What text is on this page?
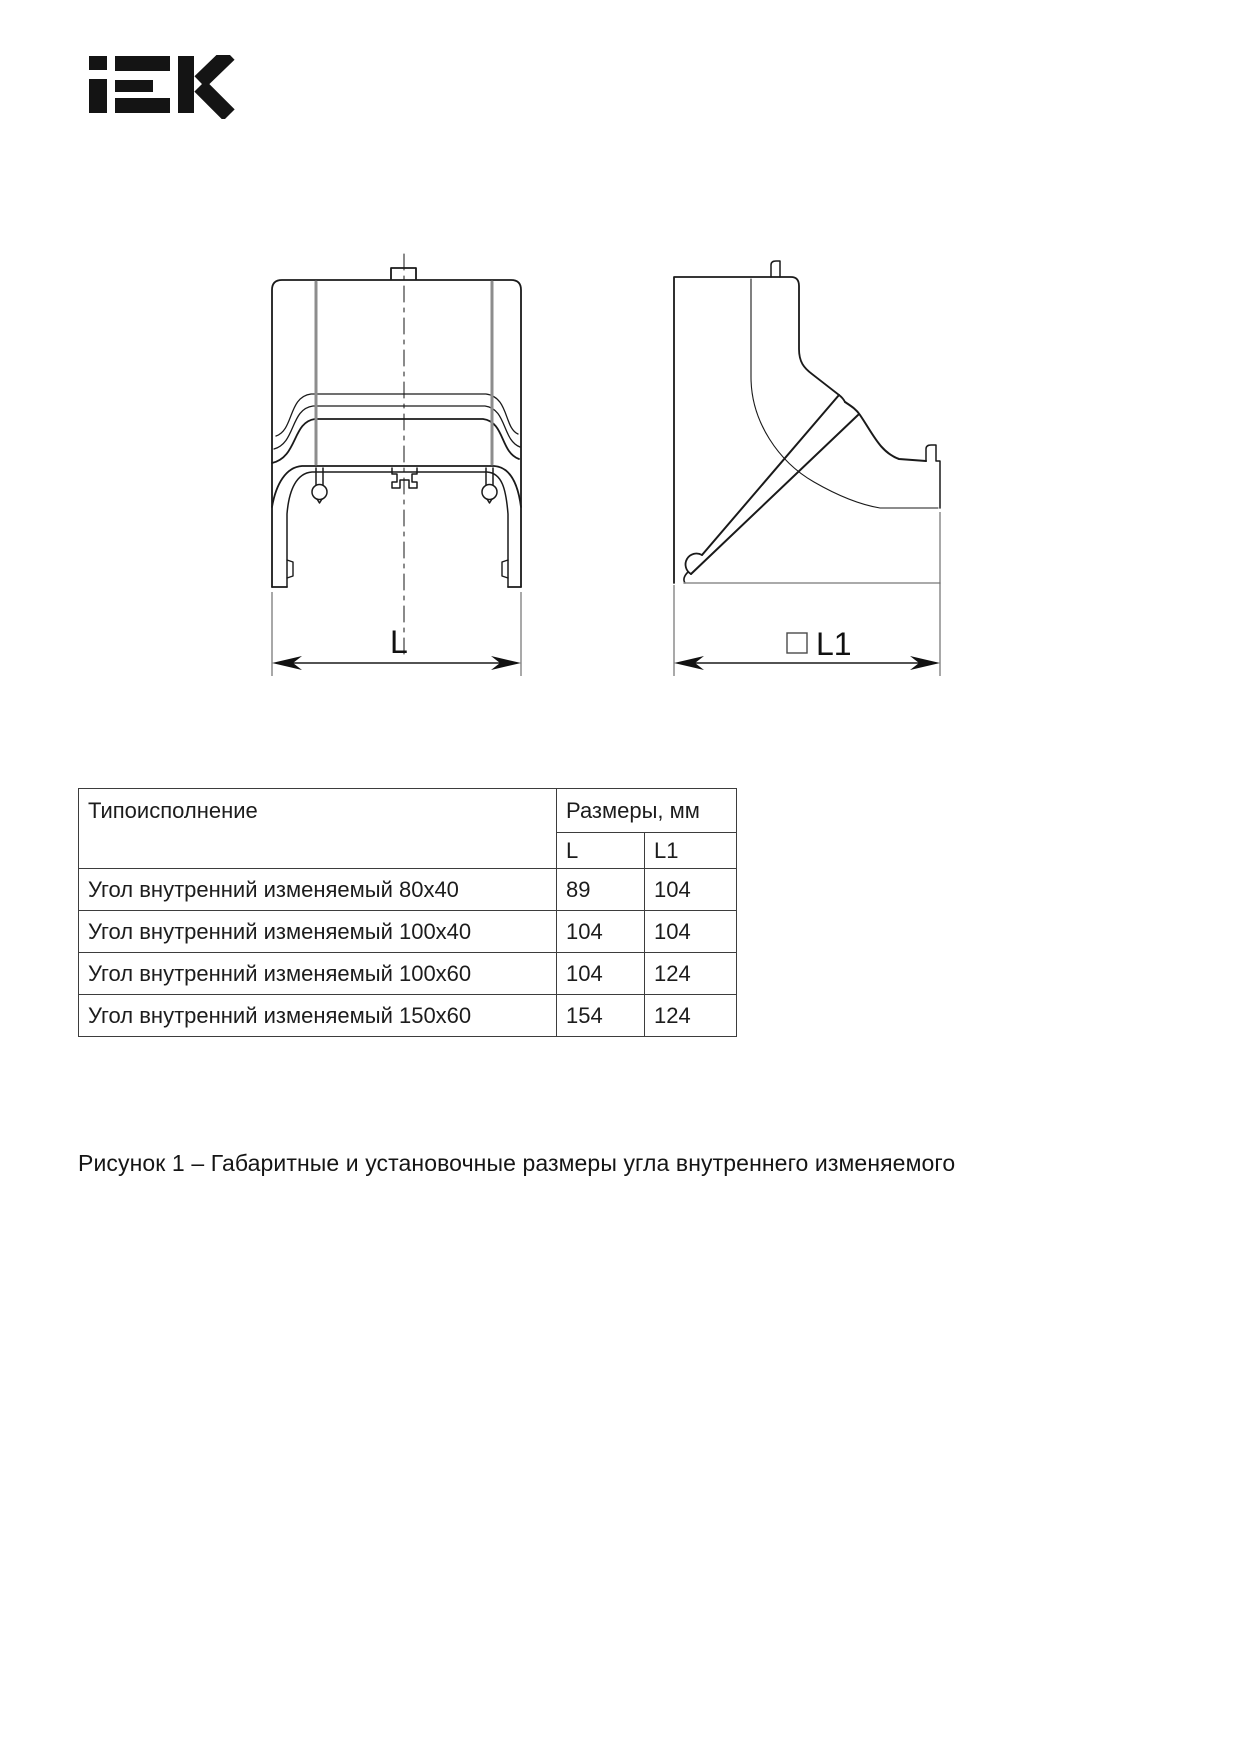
L	L1
Типоисполнение	Размеры, мм	
	L	L1
Угол внутренний изменяемый 80х40	89	104
Угол внутренний изменяемый 100х40	104	104
Угол внутренний изменяемый 100х60	104	124
Угол внутренний изменяемый 150х60	154	124
Рисунок 1 – Габаритные и установочные размеры угла внутреннего изменяемого
